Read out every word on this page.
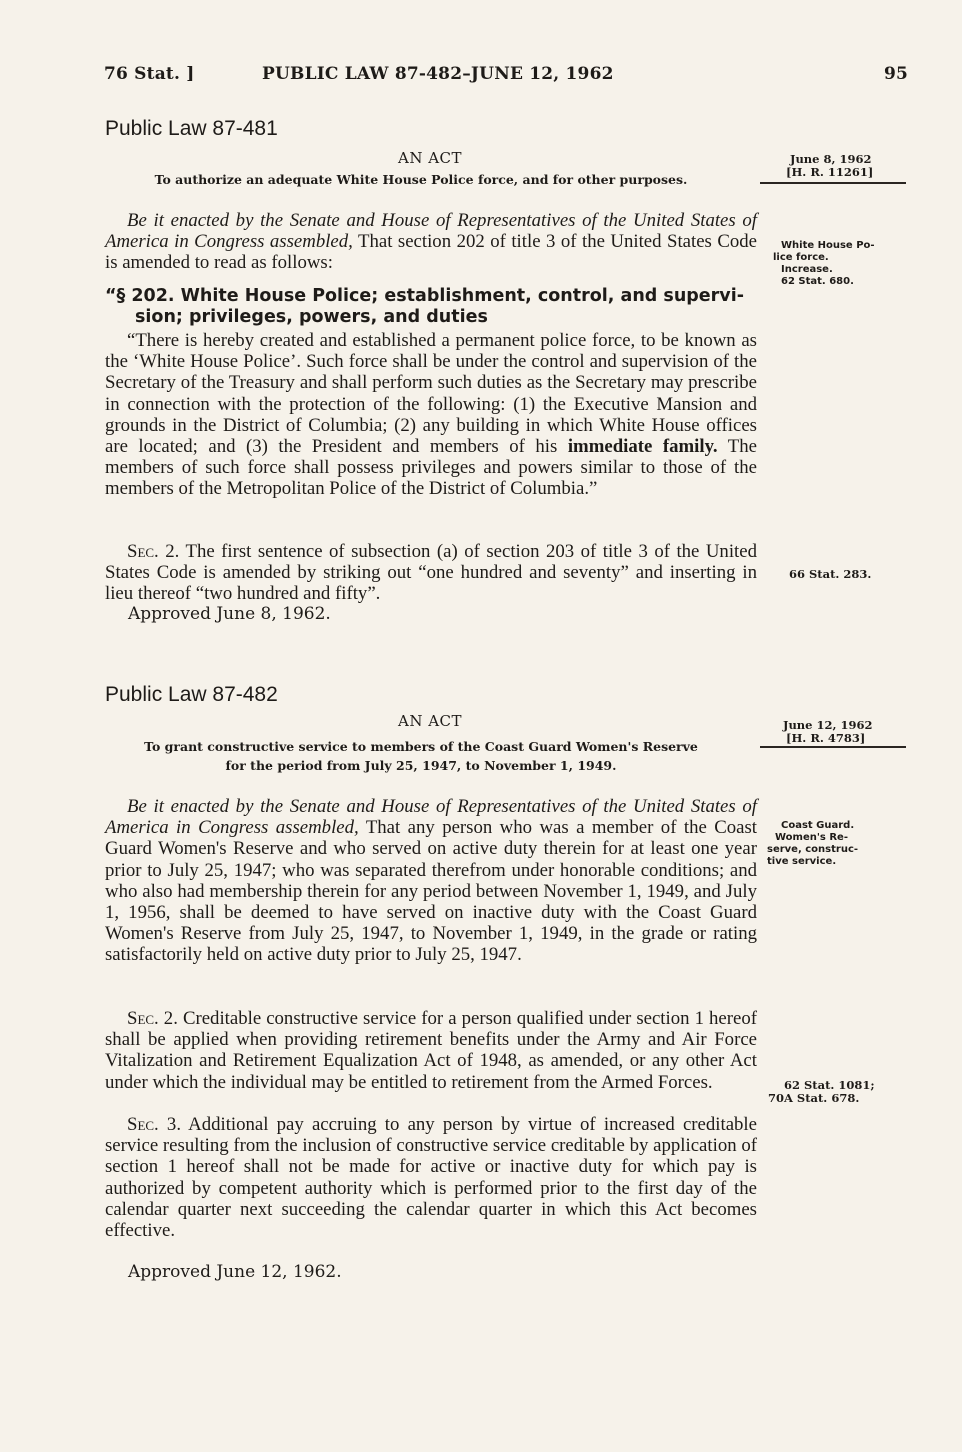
76 Stat. ]	PUBLIC LAW 87-482–JUNE 12, 1962	95
Public Law 87-481
AN ACT
To authorize an adequate White House Police force, and for other purposes.
June 8, 1962
[H. R. 11261]

Be it enacted by the Senate and House of Representatives of the United States of America in Congress assembled, That section 202 of title 3 of the United States Code is amended to read as follows:

White House Po-
lice force.
Increase.
62 Stat. 680.
“§ 202. White House Police; establishment, control, and supervi-
sion; privileges, powers, and duties

“There is hereby created and established a permanent police force, to be known as the ‘White House Police’. Such force shall be under the control and supervision of the Secretary of the Treasury and shall perform such duties as the Secretary may prescribe in connection with the protection of the following: (1) the Executive Mansion and grounds in the District of Columbia; (2) any building in which White House offices are located; and (3) the President and members of his immediate family. The members of such force shall possess privileges and powers similar to those of the members of the Metropolitan Police of the District of Columbia.”

Sec. 2. The first sentence of subsection (a) of section 203 of title 3 of the United States Code is amended by striking out “one hundred and seventy” and inserting in lieu thereof “two hundred and fifty”.

66 Stat. 283.
Approved June 8, 1962.
Public Law 87-482
AN ACT
To grant constructive service to members of the Coast Guard Women's Reserve
for the period from July 25, 1947, to November 1, 1949.
June 12, 1962
[H. R. 4783]

Be it enacted by the Senate and House of Representatives of the United States of America in Congress assembled, That any person who was a member of the Coast Guard Women's Reserve and who served on active duty therein for at least one year prior to July 25, 1947; who was separated therefrom under honorable conditions; and who also had membership therein for any period between November 1, 1949, and July 1, 1956, shall be deemed to have served on inactive duty with the Coast Guard Women's Reserve from July 25, 1947, to November 1, 1949, in the grade or rating satisfactorily held on active duty prior to July 25, 1947.

Coast Guard.
Women's Re-
serve, construc-
tive service.

Sec. 2. Creditable constructive service for a person qualified under section 1 hereof shall be applied when providing retirement benefits under the Army and Air Force Vitalization and Retirement Equalization Act of 1948, as amended, or any other Act under which the individual may be entitled to retirement from the Armed Forces.	62 Stat. 1081;
70A Stat. 678.

Sec. 3. Additional pay accruing to any person by virtue of increased creditable service resulting from the inclusion of constructive service creditable by application of section 1 hereof shall not be made for active or inactive duty for which pay is authorized by competent authority which is performed prior to the first day of the calendar quarter next succeeding the calendar quarter in which this Act becomes effective.

Approved June 12, 1962.
